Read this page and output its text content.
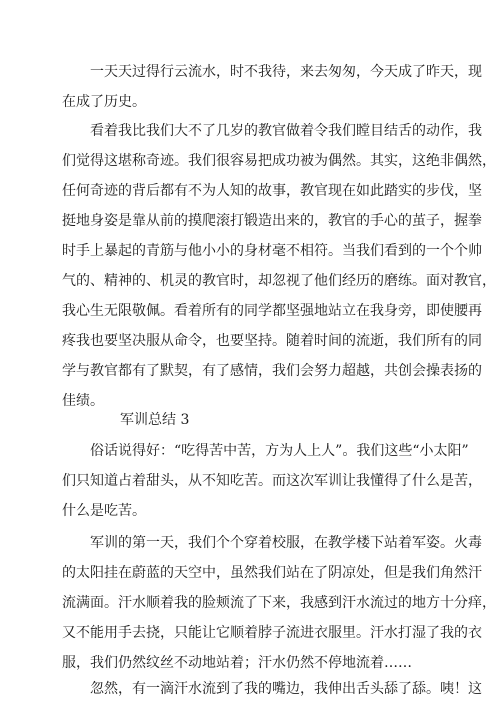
　　一天天过得行云流水，时不我待，来去匆匆，今天成了昨天，现
在成了历史。
　　看着我比我们大不了几岁的教官做着令我们瞠目结舌的动作，我
们觉得这堪称奇迹。我们很容易把成功被为偶然。其实，这绝非偶然，
任何奇迹的背后都有不为人知的故事，教官现在如此踏实的步伐，坚
挺地身姿是靠从前的摸爬滚打锻造出来的，教官的手心的茧子，握拳
时手上暴起的青筋与他小小的身材毫不相符。当我们看到的一个个帅
气的、精神的、机灵的教官时，却忽视了他们经历的磨练。面对教官，
我心生无限敬佩。看着所有的同学都坚强地站立在我身旁，即使腰再
疼我也要坚决服从命令，也要坚持。随着时间的流逝，我们所有的同
学与教官都有了默契，有了感情，我们会努力超越，共创会操表扬的
佳绩。
军训总结 3
　　俗话说得好：“吃得苦中苦，方为人上人”。我们这些“小太阳”
们只知道占着甜头，从不知吃苦。而这次军训让我懂得了什么是苦，
什么是吃苦。
　　军训的第一天，我们个个穿着校服，在教学楼下站着军姿。火毒
的太阳挂在蔚蓝的天空中，虽然我们站在了阴凉处，但是我们角然汗
流满面。汗水顺着我的脸颊流了下来，我感到汗水流过的地方十分痒，
又不能用手去挠，只能让它顺着脖子流进衣服里。汗水打湿了我的衣
服，我们仍然纹丝不动地站着；汗水仍然不停地流着……
　　忽然，有一滴汗水流到了我的嘴边，我伸出舌头舔了舔。咦！这
